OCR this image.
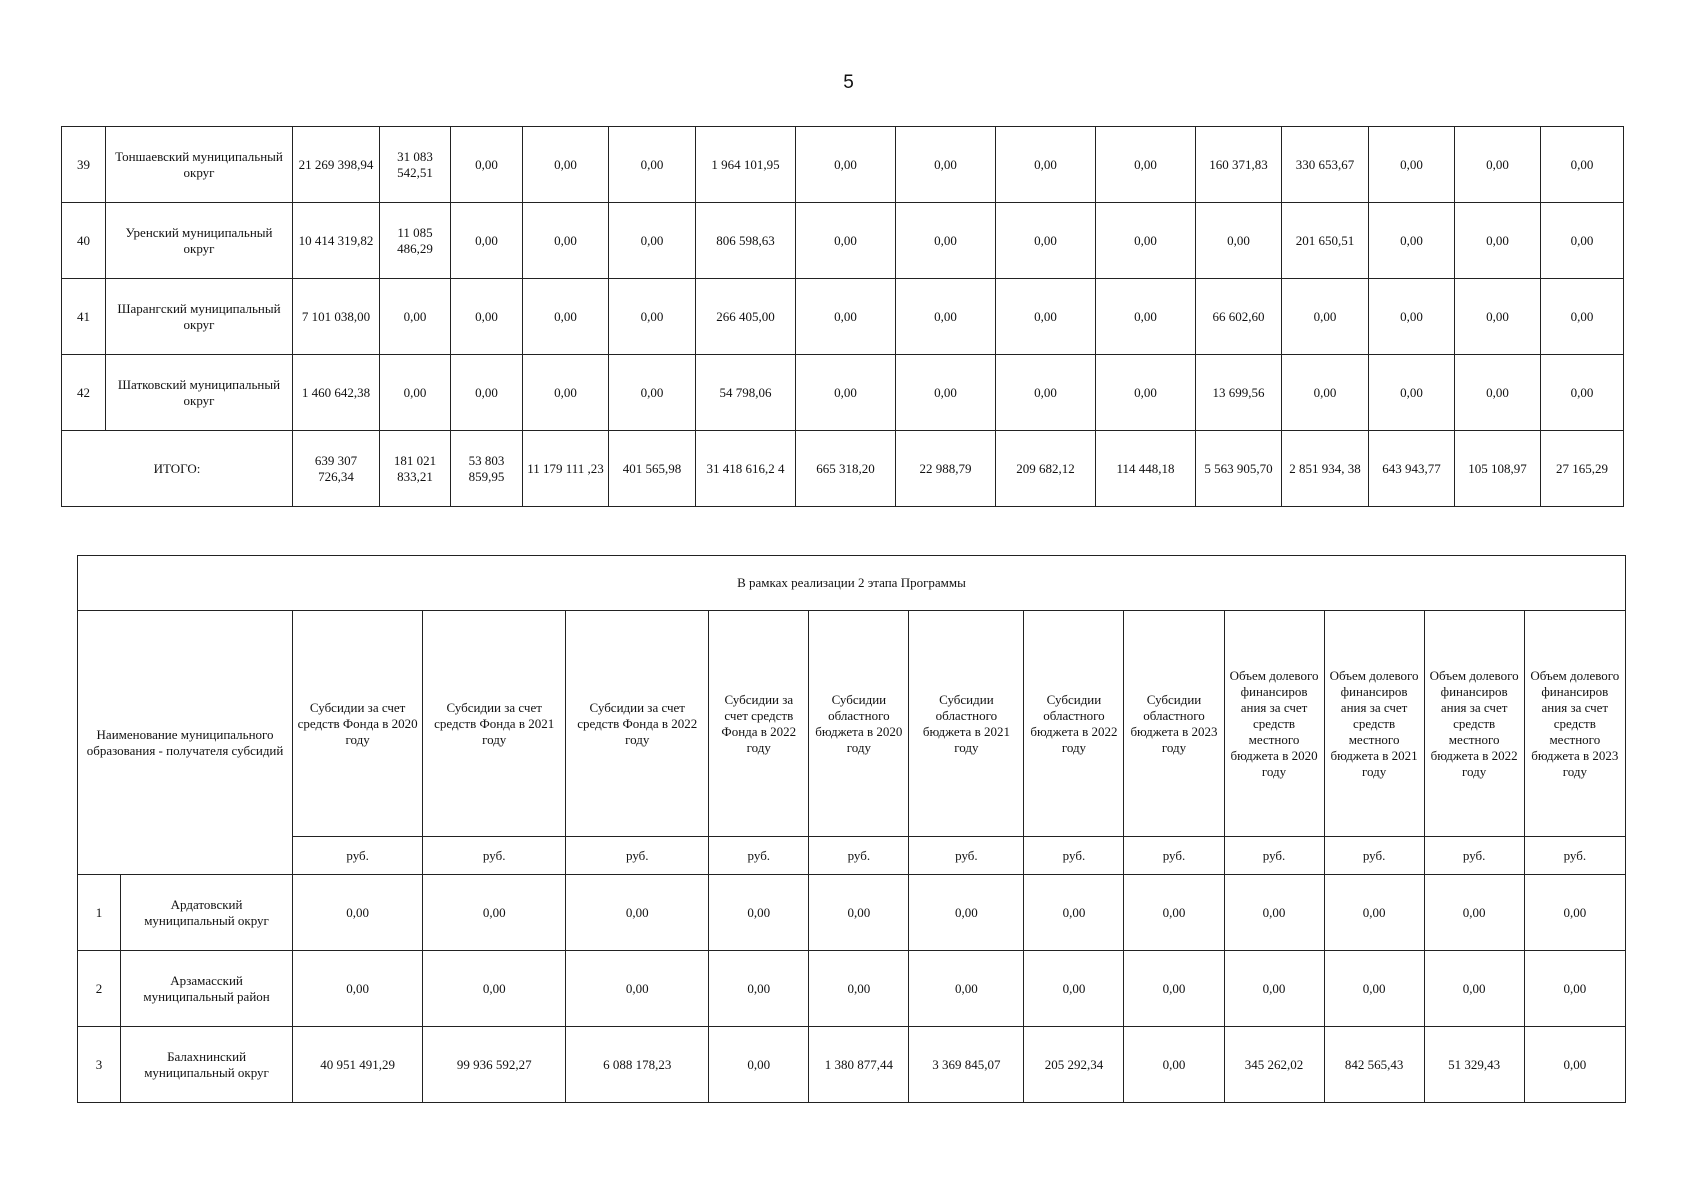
5
39	Тоншаевский муниципальный округ	21 269 398,94	31 083 542,51	0,00	0,00	0,00	1 964 101,95	0,00	0,00	0,00	0,00	160 371,83	330 653,67	0,00	0,00	0,00
40	Уренский муниципальный округ	10 414 319,82	11 085 486,29	0,00	0,00	0,00	806 598,63	0,00	0,00	0,00	0,00	0,00	201 650,51	0,00	0,00	0,00
41	Шарангский муниципальный округ	7 101 038,00	0,00	0,00	0,00	0,00	266 405,00	0,00	0,00	0,00	0,00	66 602,60	0,00	0,00	0,00	0,00
42	Шатковский муниципальный округ	1 460 642,38	0,00	0,00	0,00	0,00	54 798,06	0,00	0,00	0,00	0,00	13 699,56	0,00	0,00	0,00	0,00
ИТОГО:		639 307 726,34	181 021 833,21	53 803 859,95	11 179 111 ,23	401 565,98	31 418 616,2 4	665 318,20	22 988,79	209 682,12	114 448,18	5 563 905,70	2 851 934, 38	643 943,77	105 108,97	27 165,29
В рамках реализации 2 этапа Программы													
Наименование муниципального образования - получателя субсидий		Субсидии за счет средств Фонда в 2020 году	Субсидии за счет средств Фонда в 2021 году	Субсидии за счет средств Фонда в 2022 году	Субсидии за счет средств Фонда в 2022 году	Субсидии областного бюджета в 2020 году	Субсидии областного бюджета в 2021 году	Субсидии областного бюджета в 2022 году	Субсидии областного бюджета в 2023 году	Объем долевого финансиров ания за счет средств местного бюджета в 2020 году	Объем долевого финансиров ания за счет средств местного бюджета в 2021 году	Объем долевого финансиров ания за счет средств местного бюджета в 2022 году	Объем долевого финансиров ания за счет средств местного бюджета в 2023 году
		руб.	руб.	руб.	руб.	руб.	руб.	руб.	руб.	руб.	руб.	руб.	руб.
1	Ардатовский муниципальный округ	0,00	0,00	0,00	0,00	0,00	0,00	0,00	0,00	0,00	0,00	0,00	0,00
2	Арзамасский муниципальный район	0,00	0,00	0,00	0,00	0,00	0,00	0,00	0,00	0,00	0,00	0,00	0,00
3	Балахнинский муниципальный округ	40 951 491,29	99 936 592,27	6 088 178,23	0,00	1 380 877,44	3 369 845,07	205 292,34	0,00	345 262,02	842 565,43	51 329,43	0,00
